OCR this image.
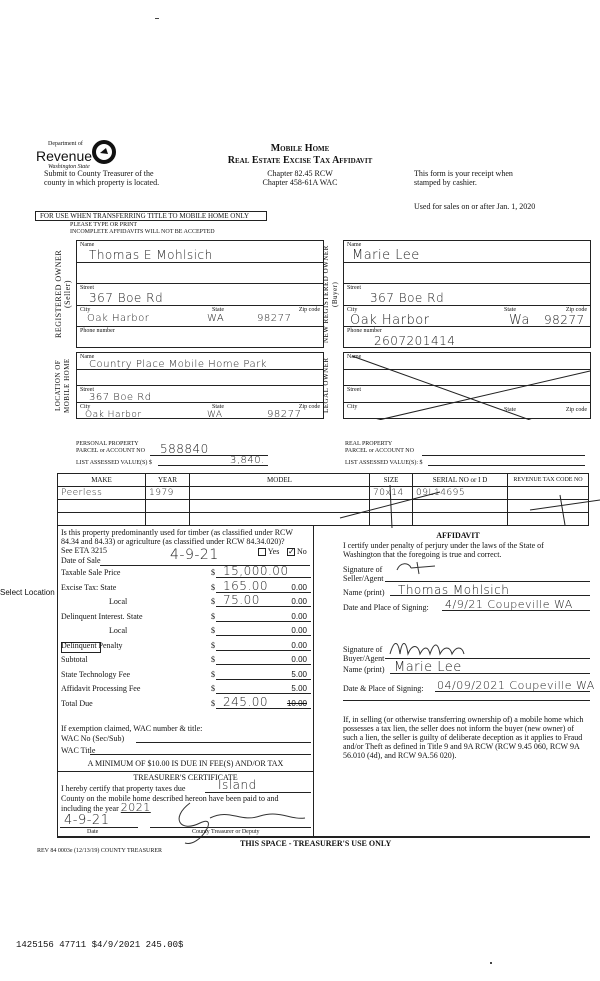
Department of
Revenue
Washington State
Mobile Home
Real Estate Excise Tax Affidavit
Submit to County Treasurer of the county in which property is located.
Chapter 82.45 RCW
Chapter 458-61A WAC
This form is your receipt when stamped by cashier.
Used for sales on or after Jan. 1, 2020
FOR USE WHEN TRANSFERRING TITLE TO MOBILE HOME ONLY
PLEASE TYPE OR PRINT
INCOMPLETE AFFIDAVITS WILL NOT BE ACCEPTED
REGISTERED OWNER (Seller)
Name
Thomas E Mohlsich
Street
367 Boe Rd
City
Oak Harbor
State
WA
Zip code
98277
Phone number	NEW REGISTERED OWNER (Buyer)
Name
Marie Lee
Street
367 Boe Rd
City
Oak Harbor
State
Wa
Zip code
98277
Phone number
2607201414
LOCATION OF MOBILE HOME
Name
Country Place Mobile Home Park
Street
367 Boe Rd
City
Oak Harbor
State
WA
Zip code
98277
LEGAL OWNER
Name
Street
City	State	Zip code
PERSONAL PROPERTY
PARCEL or ACCOUNT NO 588840
LIST ASSESSED VALUE(S) $	3,840.
REAL PROPERTY
PARCEL or ACCOUNT NO
LIST ASSESSED VALUE(S): $
MAKE	YEAR	MODEL	SIZE	SERIAL NO or I D	REVENUE TAX CODE NO
Peerless	1979		70x14	09L14695	

Is this property predominantly used for timber (as classified under RCW 84.34 and 84.33) or agriculture (as classified under RCW 84.34.020)?
See ETA 3215	Yes ✓ No
Date of Sale	4-9-21
Select Location
Taxable Sale Price	$ 15,000.00
Excise Tax: State	$ 165.00	0.00
Local	$ 75.00	0.00
Delinquent Interest. State	$	0.00
Local	$	0.00
Delinquent Penalty	$	0.00
Subtotal	$	0.00
State Technology Fee	$	5.00
Affidavit Processing Fee	$	5.00
Total Due	$ 245.00 10.00
If exemption claimed, WAC number & title:
WAC No (Sec/Sub)
WAC Title
A MINIMUM OF $10.00 IS DUE IN FEE(S) AND/OR TAX
TREASURER'S CERTIFICATE
I hereby certify that property taxes due	Island
County on the mobile home described hereon have been paid to and including the year 2021
4-9-21
Date	County Treasurer or Deputy
AFFIDAVIT
I certify under penalty of perjury under the laws of the State of Washington that the foregoing is true and correct.
Signature of Seller/Agent
Name (print) Thomas Mohlsich
Date and Place of Signing: 4/9/21 Coupeville WA
Signature of Buyer/Agent
Name (print) Marie Lee
Date & Place of Signing: 04/09/2021 Coupeville WA
If, in selling (or otherwise transferring ownership of) a mobile home which possesses a tax lien, the seller does not inform the buyer (new owner) of such a lien, the seller is guilty of deliberate deception as it applies to Fraud and/or Theft as defined in Title 9 and 9A RCW (RCW 9.45 060, RCW 9A 56.010 (4d), and RCW 9A.56 020).
THIS SPACE - TREASURER'S USE ONLY
REV 84 0003e (12/13/19) COUNTY TREASURER
1425156 47711 $4/9/2021 245.00$
